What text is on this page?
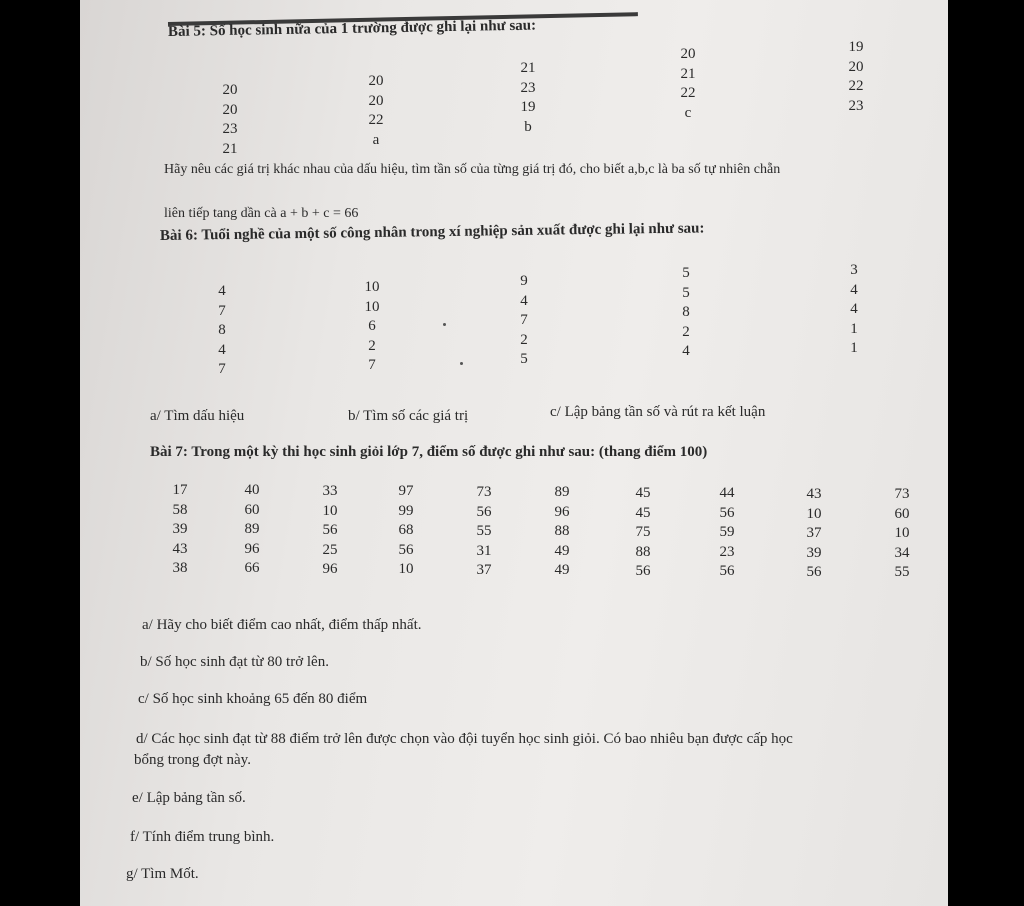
Bài 5: Số học sinh nữa của 1 trường được ghi lại như sau:
20
20
23
21
20
20
22
a
21
23
19
b
20
21
22
c
19
20
22
23
Hãy nêu các giá trị khác nhau của dấu hiệu, tìm tần số của từng giá trị đó, cho biết a,b,c là ba số tự nhiên chẵn
liên tiếp tang dần cà a + b + c = 66
Bài 6: Tuổi nghề của một số công nhân trong xí nghiệp sản xuất được ghi lại như sau:
4
7
8
4
7
10
10
6
2
7
9
4
7
2
5
5
5
8
2
4
3
4
4
1
1
a/ Tìm dấu hiệu	b/ Tìm số các giá trị	c/ Lập bảng tần số và rút ra kết luận
Bài 7: Trong một kỳ thi học sinh giỏi lớp 7, điểm số được ghi như sau: (thang điểm 100)
17
58
39
43
38
40
60
89
96
66
33
10
56
25
96
97
99
68
56
10
73
56
55
31
37
89
96
88
49
49
45
45
75
88
56
44
56
59
23
56
43
10
37
39
56
73
60
10
34
55
a/ Hãy cho biết điểm cao nhất, điểm thấp nhất.
b/ Số học sinh đạt từ 80 trở lên.
c/ Số học sinh khoảng 65 đến 80 điểm
d/ Các học sinh đạt từ 88 điểm trở lên được chọn vào đội tuyển học sinh giỏi. Có bao nhiêu bạn được cấp học
bổng trong đợt này.
e/ Lập bảng tần số.
f/ Tính điểm trung bình.
g/ Tìm Mốt.
